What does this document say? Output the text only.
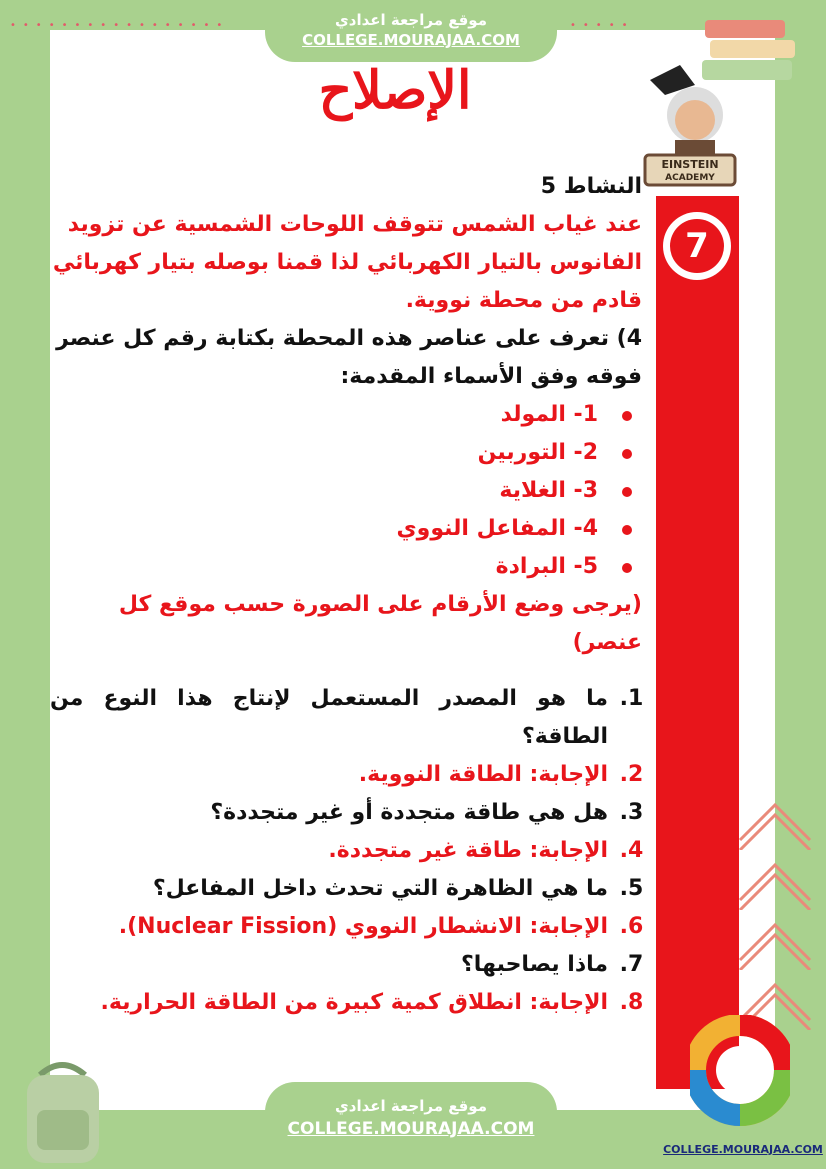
•••••••••••••••••	•••••
موقع مراجعة اعدادي
COLLEGE.MOURAJAA.COM
الإصلاح
EINSTEIN
ACADEMY
7

النشاط 5

عند غياب الشمس تتوقف اللوحات الشمسية عن تزويد الفانوس بالتيار الكهربائي لذا قمنا بوصله بتيار كهربائي قادم من محطة نووية.

4) تعرف على عناصر هذه المحطة بكتابة رقم كل عنصر فوقه وفق الأسماء المقدمة:

1- المولد
2- التوربين
3- الغلاية
4- المفاعل النووي
5- البرادة

(يرجى وضع الأرقام على الصورة حسب موقع كل عنصر)

1. ما هو المصدر المستعمل لإنتاج هذا النوع من الطاقة؟
2. الإجابة: الطاقة النووية.
3. هل هي طاقة متجددة أو غير متجددة؟
4. الإجابة: طاقة غير متجددة.
5. ما هي الظاهرة التي تحدث داخل المفاعل؟
6. الإجابة: الانشطار النووي (Nuclear Fission).
7. ماذا يصاحبها؟
8. الإجابة: انطلاق كمية كبيرة من الطاقة الحرارية.
COLLEGE.MOURAJAA.COM
موقع مراجعة اعدادي
COLLEGE.MOURAJAA.COM
